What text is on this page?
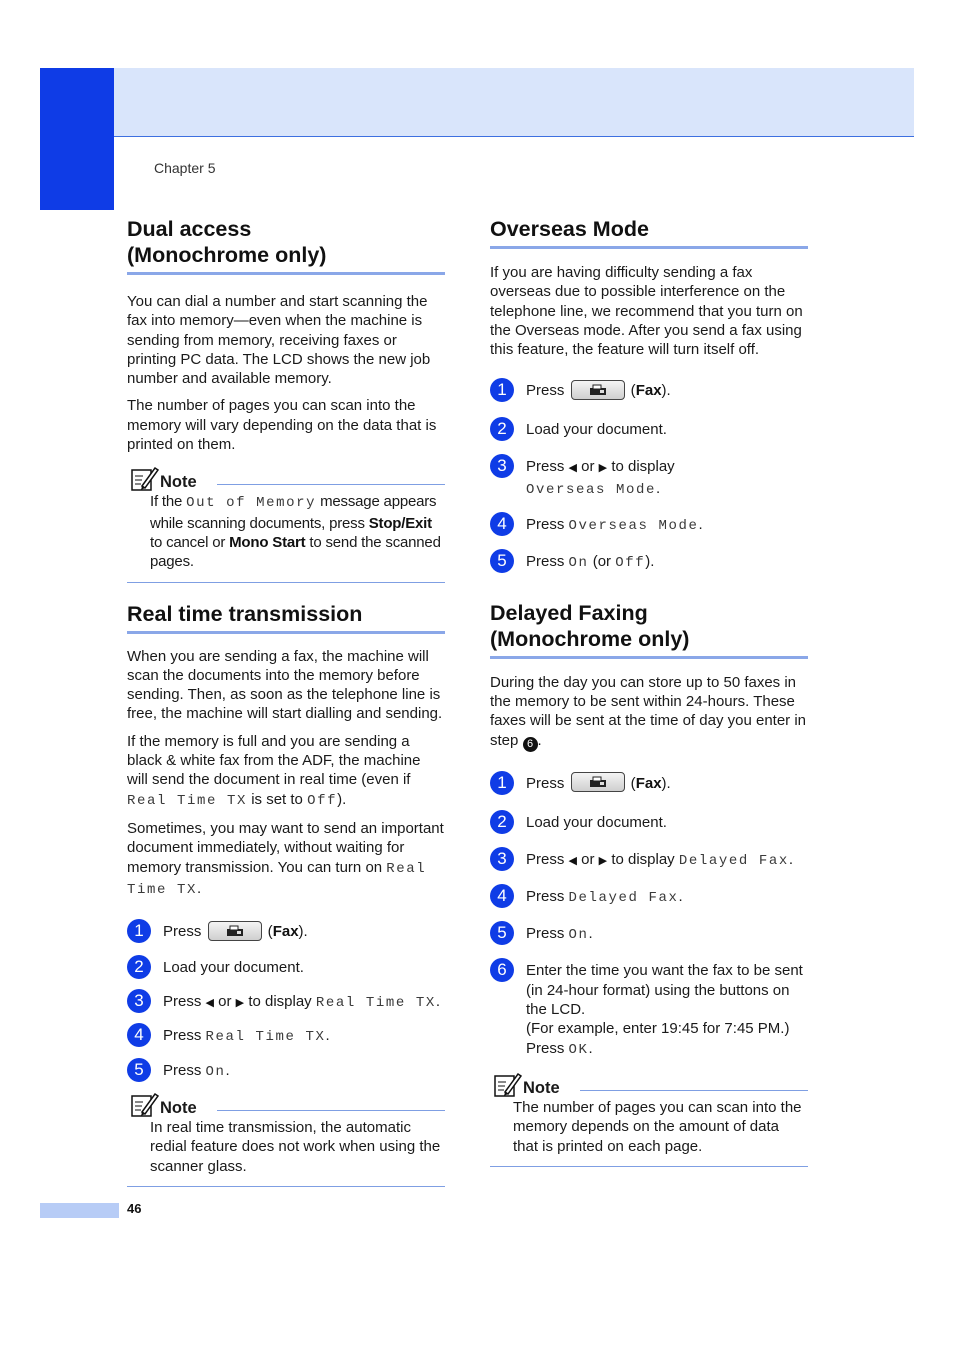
Chapter 5
Dual access
(Monochrome only)

You can dial a number and start scanning the fax into memory—even when the machine is sending from memory, receiving faxes or printing PC data. The LCD shows the new job number and available memory.

The number of pages you can scan into the memory will vary depending on the data that is printed on them.

Note

If the Out of Memory message appears while scanning documents, press Stop/Exit to cancel or Mono Start to send the scanned pages.

Real time transmission

When you are sending a fax, the machine will scan the documents into the memory before sending. Then, as soon as the telephone line is free, the machine will start dialling and sending.

If the memory is full and you are sending a black & white fax from the ADF, the machine will send the document in real time (even if Real Time TX is set to Off).

Sometimes, you may want to send an important document immediately, without waiting for memory transmission. You can turn on Real Time TX.

1	Press	(Fax).
2	Load your document.
3	Press ◀ or ▶ to display Real Time TX.
4	Press Real Time TX.
5	Press On.
Note

In real time transmission, the automatic redial feature does not work when using the scanner glass.

Overseas Mode

If you are having difficulty sending a fax overseas due to possible interference on the telephone line, we recommend that you turn on the Overseas mode. After you send a fax using this feature, the feature will turn itself off.

1	Press	(Fax).
2	Load your document.
3	Press ◀ or ▶ to display
Overseas Mode.
4	Press Overseas Mode.
5	Press On (or Off).
Delayed Faxing
(Monochrome only)

During the day you can store up to 50 faxes in the memory to be sent within 24-hours. These faxes will be sent at the time of day you enter in step 6 .

1	Press	(Fax).
2	Load your document.
3	Press ◀ or ▶ to display Delayed Fax.
4	Press Delayed Fax.
5	Press On.
6	Enter the time you want the fax to be sent (in 24-hour format) using the buttons on the LCD.
(For example, enter 19:45 for 7:45 PM.)
Press OK.
Note

The number of pages you can scan into the memory depends on the amount of data that is printed on each page.

46
